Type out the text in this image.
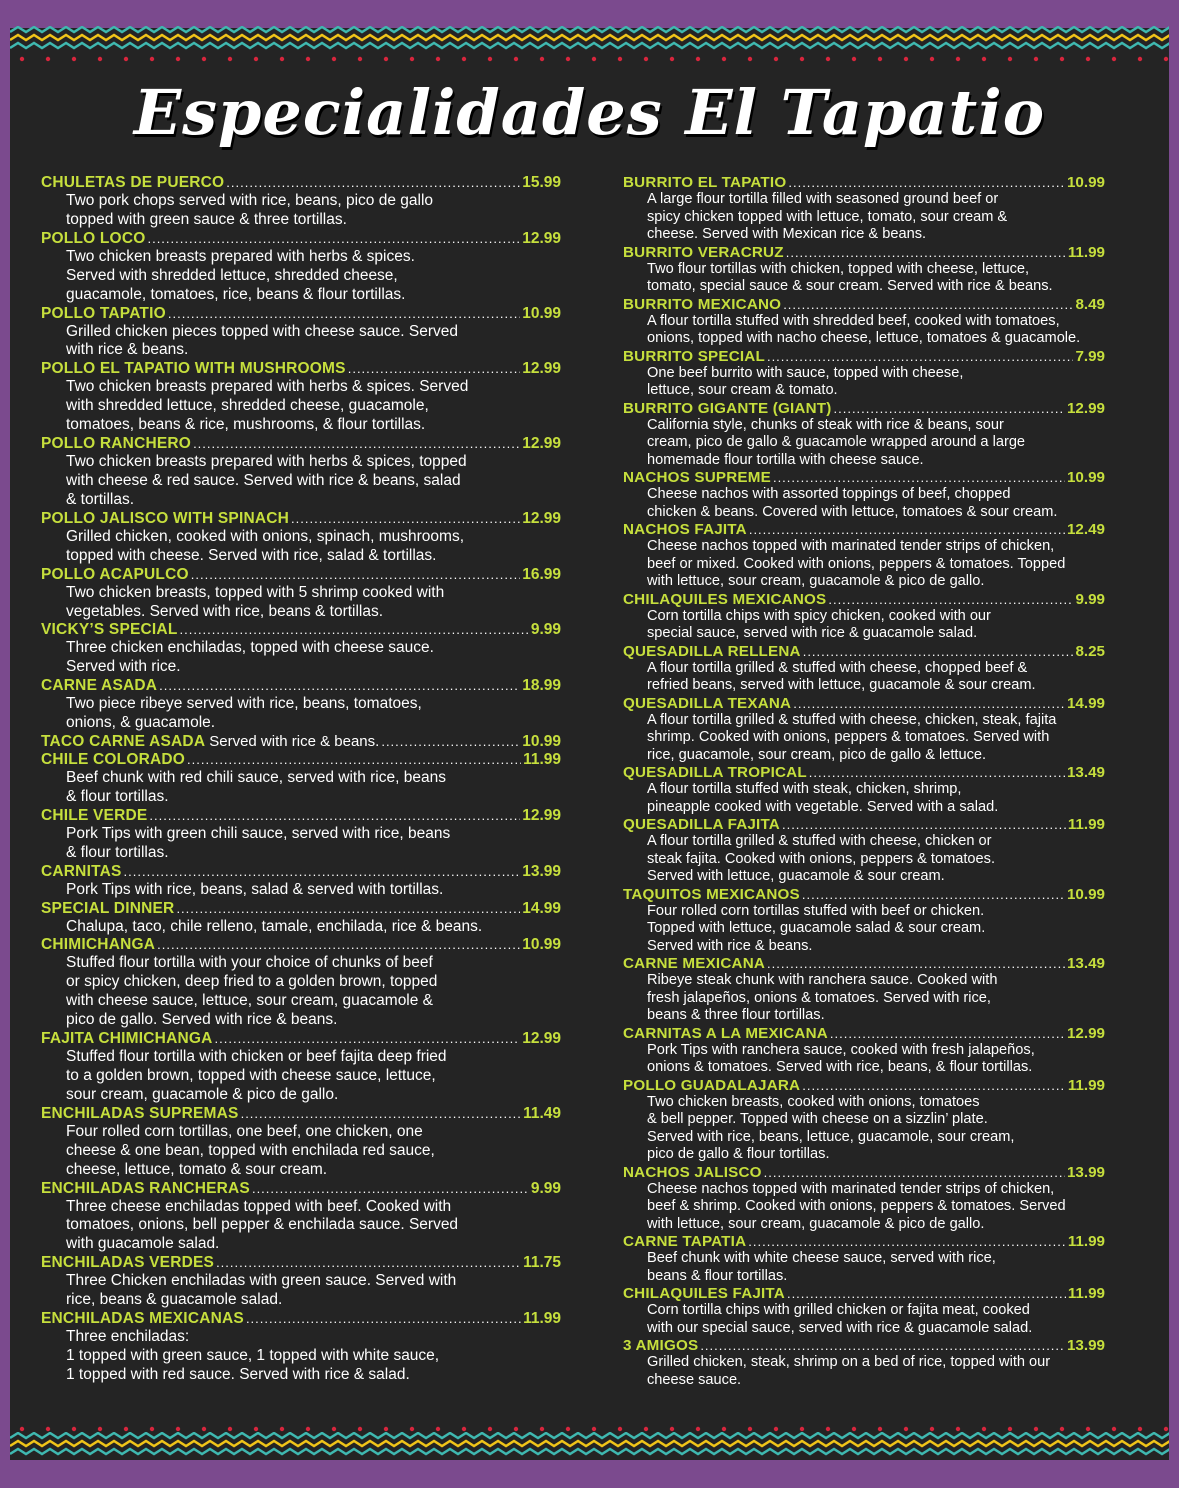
Especialidades El Tapatio
CHULETAS DE PUERCO .....	15.99
Two pork chops served with rice, beans, pico de gallo
topped with green sauce & three tortillas.
POLLO LOCO .....	12.99
Two chicken breasts prepared with herbs & spices.
Served with shredded lettuce, shredded cheese,
guacamole, tomatoes, rice, beans & flour tortillas.
POLLO TAPATIO .....	10.99
Grilled chicken pieces topped with cheese sauce. Served
with rice & beans.
POLLO EL TAPATIO WITH MUSHROOMS .....	12.99
Two chicken breasts prepared with herbs & spices. Served
with shredded lettuce, shredded cheese, guacamole,
tomatoes, beans & rice, mushrooms, & flour tortillas.
POLLO RANCHERO .....	12.99
Two chicken breasts prepared with herbs & spices, topped
with cheese & red sauce. Served with rice & beans, salad
& tortillas.
POLLO JALISCO WITH SPINACH .....	12.99
Grilled chicken, cooked with onions, spinach, mushrooms,
topped with cheese. Served with rice, salad & tortillas.
POLLO ACAPULCO .....	16.99
Two chicken breasts, topped with 5 shrimp cooked with
vegetables. Served with rice, beans & tortillas.
VICKY’S SPECIAL .....	9.99
Three chicken enchiladas, topped with cheese sauce.
Served with rice.
CARNE ASADA .....	18.99
Two piece ribeye served with rice, beans, tomatoes,
onions, & guacamole.
TACO CARNE ASADA Served with rice & beans. .....	10.99
CHILE COLORADO .....	11.99
Beef chunk with red chili sauce, served with rice, beans
& flour tortillas.
CHILE VERDE .....	12.99
Pork Tips with green chili sauce, served with rice, beans
& flour tortillas.
CARNITAS .....	13.99
Pork Tips with rice, beans, salad & served with tortillas.
SPECIAL DINNER .....	14.99
Chalupa, taco, chile relleno, tamale, enchilada, rice & beans.
CHIMICHANGA .....	10.99
Stuffed flour tortilla with your choice of chunks of beef
or spicy chicken, deep fried to a golden brown, topped
with cheese sauce, lettuce, sour cream, guacamole &
pico de gallo. Served with rice & beans.
FAJITA CHIMICHANGA .....	12.99
Stuffed flour tortilla with chicken or beef fajita deep fried
to a golden brown, topped with cheese sauce, lettuce,
sour cream, guacamole & pico de gallo.
ENCHILADAS SUPREMAS .....	11.49
Four rolled corn tortillas, one beef, one chicken, one
cheese & one bean, topped with enchilada red sauce,
cheese, lettuce, tomato & sour cream.
ENCHILADAS RANCHERAS .....	9.99
Three cheese enchiladas topped with beef. Cooked with
tomatoes, onions, bell pepper & enchilada sauce. Served
with guacamole salad.
ENCHILADAS VERDES .....	11.75
Three Chicken enchiladas with green sauce. Served with
rice, beans & guacamole salad.
ENCHILADAS MEXICANAS .....	11.99
Three enchiladas:
1 topped with green sauce, 1 topped with white sauce,
1 topped with red sauce. Served with rice & salad.
BURRITO EL TAPATIO .....	10.99
A large flour tortilla filled with seasoned ground beef or
spicy chicken topped with lettuce, tomato, sour cream &
cheese. Served with Mexican rice & beans.
BURRITO VERACRUZ .....	11.99
Two flour tortillas with chicken, topped with cheese, lettuce,
tomato, special sauce & sour cream. Served with rice & beans.
BURRITO MEXICANO .....	8.49
A flour tortilla stuffed with shredded beef, cooked with tomatoes,
onions, topped with nacho cheese, lettuce, tomatoes & guacamole.
BURRITO SPECIAL .....	7.99
One beef burrito with sauce, topped with cheese,
lettuce, sour cream & tomato.
BURRITO GIGANTE (GIANT) .....	12.99
California style, chunks of steak with rice & beans, sour
cream, pico de gallo & guacamole wrapped around a large
homemade flour tortilla with cheese sauce.
NACHOS SUPREME .....	10.99
Cheese nachos with assorted toppings of beef, chopped
chicken & beans. Covered with lettuce, tomatoes & sour cream.
NACHOS FAJITA .....	12.49
Cheese nachos topped with marinated tender strips of chicken,
beef or mixed. Cooked with onions, peppers & tomatoes. Topped
with lettuce, sour cream, guacamole & pico de gallo.
CHILAQUILES MEXICANOS .....	9.99
Corn tortilla chips with spicy chicken, cooked with our
special sauce, served with rice & guacamole salad.
QUESADILLA RELLENA .....	8.25
A flour tortilla grilled & stuffed with cheese, chopped beef &
refried beans, served with lettuce, guacamole & sour cream.
QUESADILLA TEXANA .....	14.99
A flour tortilla grilled & stuffed with cheese, chicken, steak, fajita
shrimp. Cooked with onions, peppers & tomatoes. Served with
rice, guacamole, sour cream, pico de gallo & lettuce.
QUESADILLA TROPICAL .....	13.49
A flour tortilla stuffed with steak, chicken, shrimp,
pineapple cooked with vegetable. Served with a salad.
QUESADILLA FAJITA .....	11.99
A flour tortilla grilled & stuffed with cheese, chicken or
steak fajita. Cooked with onions, peppers & tomatoes.
Served with lettuce, guacamole & sour cream.
TAQUITOS MEXICANOS .....	10.99
Four rolled corn tortillas stuffed with beef or chicken.
Topped with lettuce, guacamole salad & sour cream.
Served with rice & beans.
CARNE MEXICANA .....	13.49
Ribeye steak chunk with ranchera sauce. Cooked with
fresh jalapeños, onions & tomatoes. Served with rice,
beans & three flour tortillas.
CARNITAS A LA MEXICANA .....	12.99
Pork Tips with ranchera sauce, cooked with fresh jalapeños,
onions & tomatoes. Served with rice, beans, & flour tortillas.
POLLO GUADALAJARA .....	11.99
Two chicken breasts, cooked with onions, tomatoes
& bell pepper. Topped with cheese on a sizzlin’ plate.
Served with rice, beans, lettuce, guacamole, sour cream,
pico de gallo & flour tortillas.
NACHOS JALISCO .....	13.99
Cheese nachos topped with marinated tender strips of chicken,
beef & shrimp. Cooked with onions, peppers & tomatoes. Served
with lettuce, sour cream, guacamole & pico de gallo.
CARNE TAPATIA .....	11.99
Beef chunk with white cheese sauce, served with rice,
beans & flour tortillas.
CHILAQUILES FAJITA .....	11.99
Corn tortilla chips with grilled chicken or fajita meat, cooked
with our special sauce, served with rice & guacamole salad.
3 AMIGOS .....	13.99
Grilled chicken, steak, shrimp on a bed of rice, topped with our
cheese sauce.
